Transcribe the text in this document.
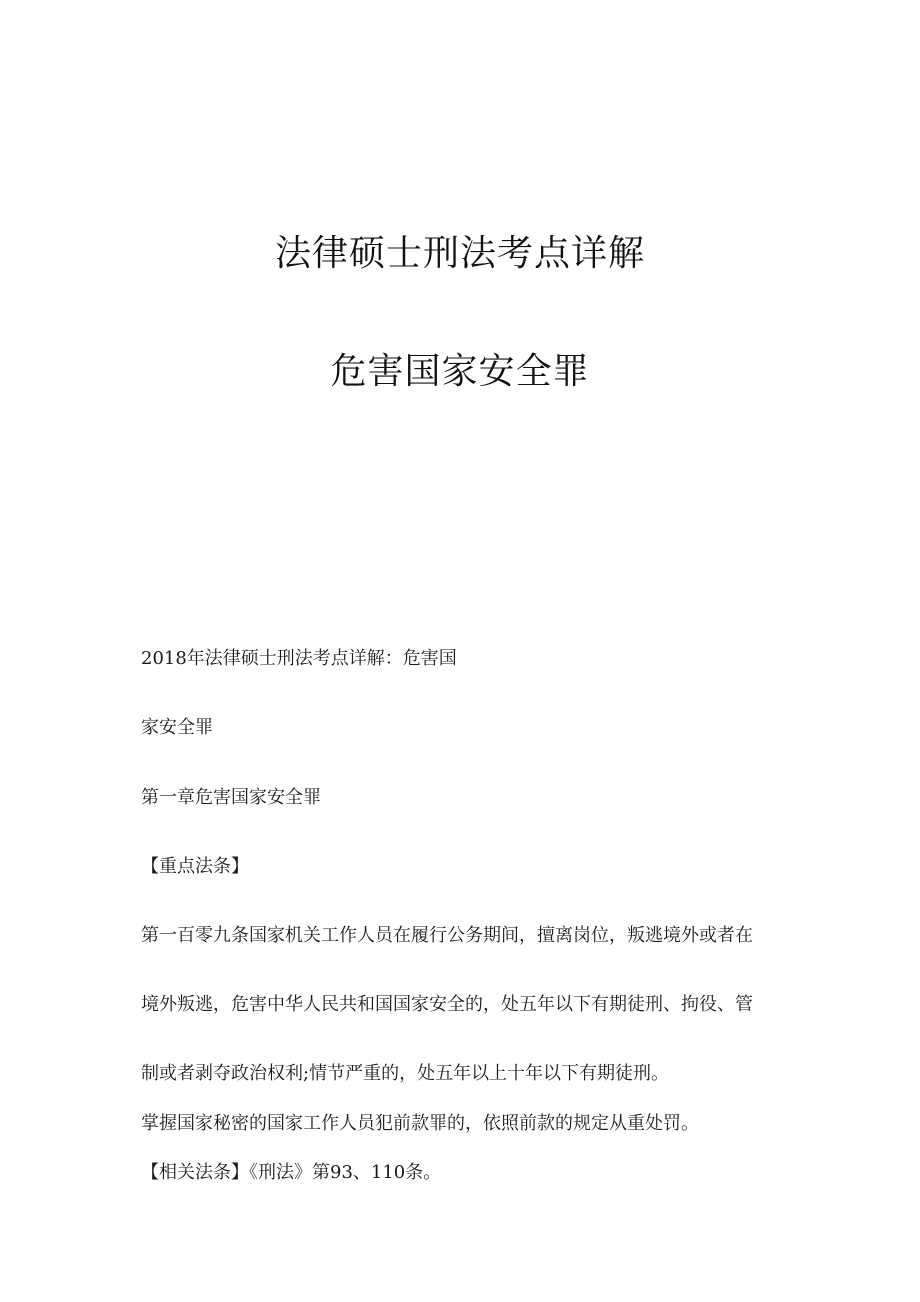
法律硕士刑法考点详解
危害国家安全罪
2018年法律硕士刑法考点详解：危害国
家安全罪
第一章危害国家安全罪
【重点法条】
第一百零九条国家机关工作人员在履行公务期间，擅离岗位，叛逃境外或者在
境外叛逃，危害中华人民共和国国家安全的，处五年以下有期徒刑、拘役、管
制或者剥夺政治权利;情节严重的，处五年以上十年以下有期徒刑。
掌握国家秘密的国家工作人员犯前款罪的，依照前款的规定从重处罚。
【相关法条】《刑法》第93、110条。
